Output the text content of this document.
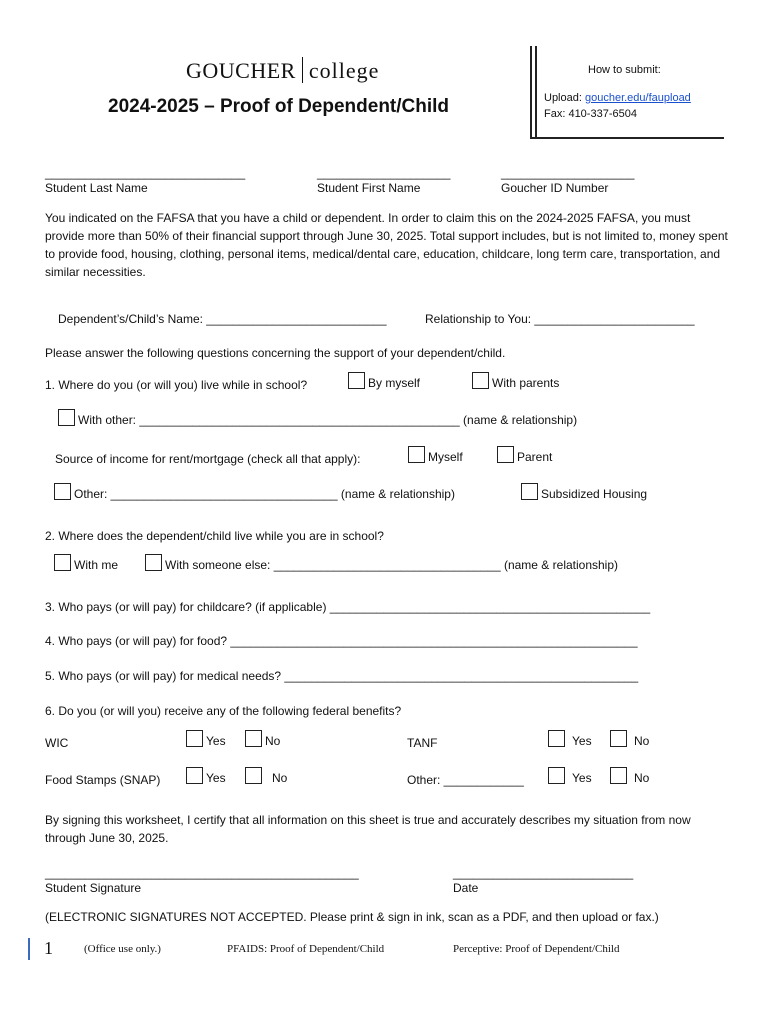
GOUCHER college
2024-2025 – Proof of Dependent/Child
How to submit:
Upload: goucher.edu/faupload
Fax: 410-337-6504
______________________________	____________________	____________________
Student Last Name	Student First Name	Goucher ID Number
You indicated on the FAFSA that you have a child or dependent. In order to claim this on the 2024-2025 FAFSA, you must provide more than 50% of their financial support through June 30, 2025. Total support includes, but is not limited to, money spent to provide food, housing, clothing, personal items, medical/dental care, education, childcare, long term care, transportation, and similar necessities.
Dependent’s/Child’s Name: ___________________________	Relationship to You: ________________________
Please answer the following questions concerning the support of your dependent/child.
1. Where do you (or will you) live while in school?	By myself	With parents
With other: ________________________________________________ (name & relationship)
Source of income for rent/mortgage (check all that apply):	Myself	Parent
Other: __________________________________ (name & relationship)	Subsidized Housing
2. Where does the dependent/child live while you are in school?
With me	With someone else: __________________________________ (name & relationship)
3. Who pays (or will pay) for childcare? (if applicable) ________________________________________________
4. Who pays (or will pay) for food? _____________________________________________________________
5. Who pays (or will pay) for medical needs? _____________________________________________________
6. Do you (or will you) receive any of the following federal benefits?
WIC	Yes	No	TANF	Yes	No
Food Stamps (SNAP)	Yes	No	Other: ____________	Yes	No
By signing this worksheet, I certify that all information on this sheet is true and accurately describes my situation from now through June 30, 2025.
_______________________________________________	___________________________
Student Signature	Date
(ELECTRONIC SIGNATURES NOT ACCEPTED. Please print & sign in ink, scan as a PDF, and then upload or fax.)
1	(Office use only.)	PFAIDS: Proof of Dependent/Child	Perceptive: Proof of Dependent/Child
